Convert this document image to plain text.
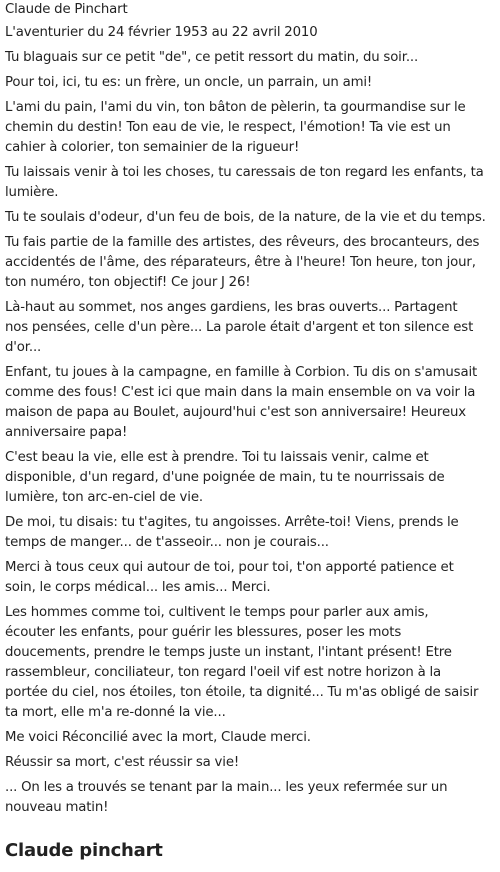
Claude de Pinchart

L'aventurier du 24 février 1953 au 22 avril 2010

Tu blaguais sur ce petit "de", ce petit ressort du matin, du soir...

Pour toi, ici, tu es: un frère, un oncle, un parrain, un ami!

L'ami du pain, l'ami du vin, ton bâton de pèlerin, ta gourmandise sur le

chemin du destin! Ton eau de vie, le respect, l'émotion! Ta vie est un

cahier à colorier, ton semainier de la rigueur!

Tu laissais venir à toi les choses, tu caressais de ton regard les enfants, ta

lumière.

Tu te soulais d'odeur, d'un feu de bois, de la nature, de la vie et du temps.

Tu fais partie de la famille des artistes, des rêveurs, des brocanteurs, des

accidentés de l'âme, des réparateurs, être à l'heure! Ton heure, ton jour,

ton numéro, ton objectif! Ce jour J 26!

Là-haut au sommet, nos anges gardiens, les bras ouverts... Partagent

nos pensées, celle d'un père... La parole était d'argent et ton silence est

d'or...

Enfant, tu joues à la campagne, en famille à Corbion. Tu dis on s'amusait

comme des fous! C'est ici que main dans la main ensemble on va voir la

maison de papa au Boulet, aujourd'hui c'est son anniversaire! Heureux

anniversaire papa!

C'est beau la vie, elle est à prendre. Toi tu laissais venir, calme et

disponible, d'un regard, d'une poignée de main, tu te nourrissais de

lumière, ton arc-en-ciel de vie.

De moi, tu disais: tu t'agites, tu angoisses. Arrête-toi! Viens, prends le

temps de manger... de t'asseoir... non je courais...

Merci à tous ceux qui autour de toi, pour toi, t'on apporté patience et

soin, le corps médical... les amis... Merci.

Les hommes comme toi, cultivent le temps pour parler aux amis,

écouter les enfants, pour guérir les blessures, poser les mots

doucements, prendre le temps juste un instant, l'intant présent! Etre

rassembleur, conciliateur, ton regard l'oeil vif est notre horizon à la

portée du ciel, nos étoiles, ton étoile, ta dignité... Tu m'as obligé de saisir

ta mort, elle m'a re-donné la vie...

Me voici Réconcilié avec la mort, Claude merci.

Réussir sa mort, c'est réussir sa vie!

... On les a trouvés se tenant par la main... les yeux refermée sur un

nouveau matin!

Claude pinchart
